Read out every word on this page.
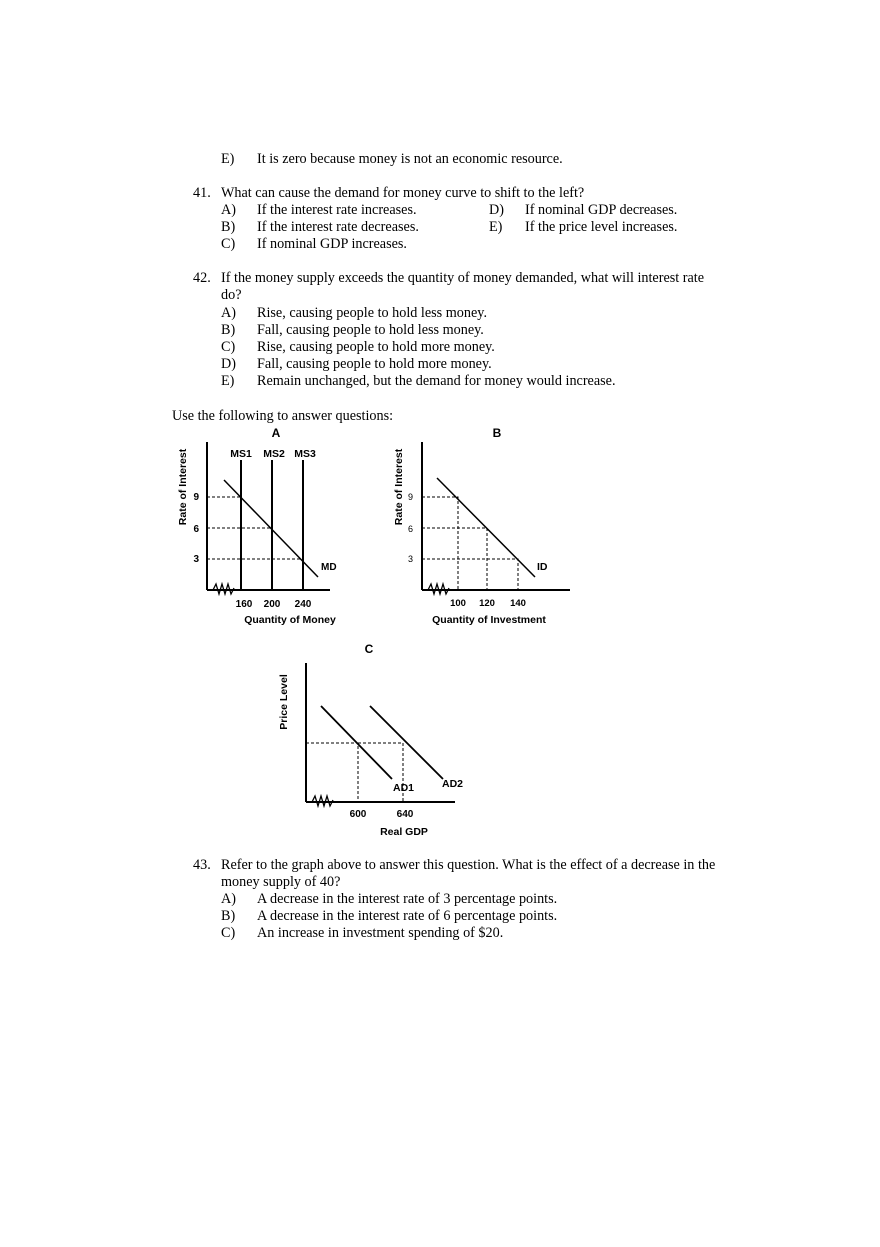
E) It is zero because money is not an economic resource.
41. What can cause the demand for money curve to shift to the left?
A) If the interest rate increases.
B) If the interest rate decreases.
C) If nominal GDP increases.
D) If nominal GDP decreases.
E) If the price level increases.
42. If the money supply exceeds the quantity of money demanded, what will interest rate
do?
A) Rise, causing people to hold less money.
B) Fall, causing people to hold less money.
C) Rise, causing people to hold more money.
D) Fall, causing people to hold more money.
E) Remain unchanged, but the demand for money would increase.
Use the following to answer questions:
A
Rate of Interest 9
6
3
160 200 240
Quantity of Money
MS1 MS2 MS3
MD
B
Rate of Interest 9
6
3
100 120 140
Quantity of Investment
ID
C
Price Level
AD1	AD2
600	640
Real GDP
43. Refer to the graph above to answer this question. What is the effect of a decrease in the
money supply of 40?
A) A decrease in the interest rate of 3 percentage points.
B) A decrease in the interest rate of 6 percentage points.
C) An increase in investment spending of $20.
